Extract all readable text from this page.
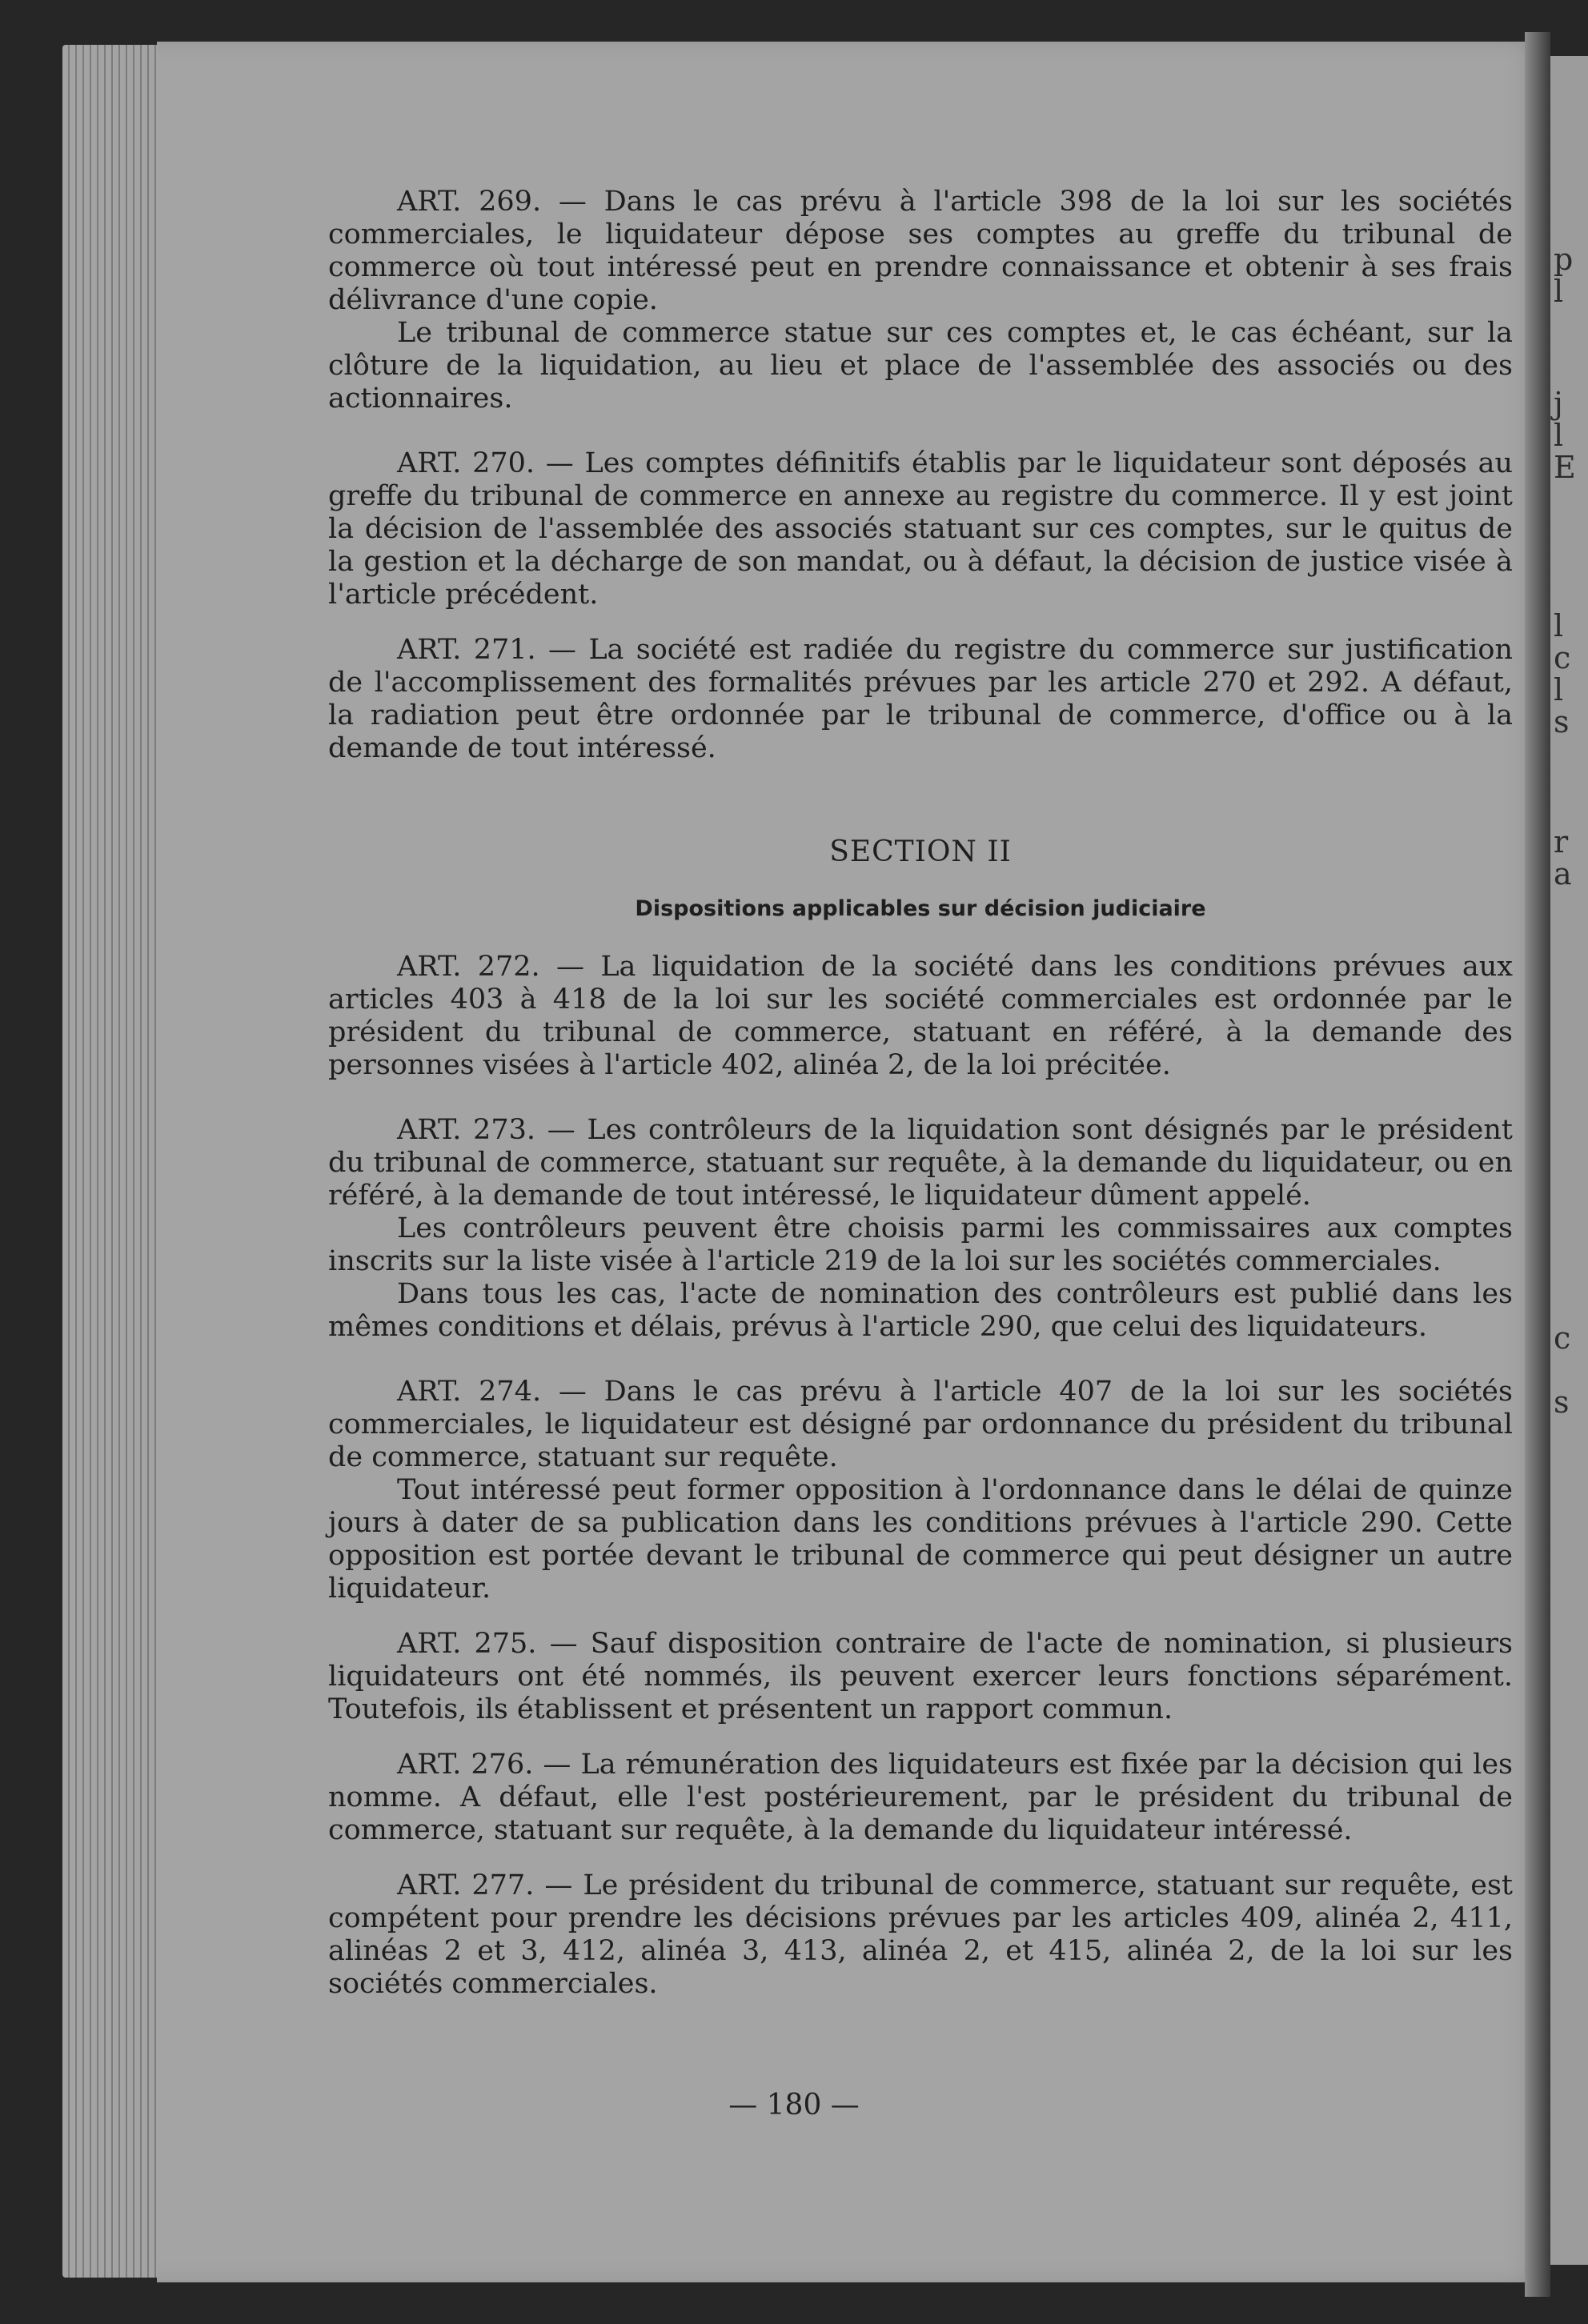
p
l
j
l
E
l
c
l
s
r
a
c
s

ART. 269. — Dans le cas prévu à l'article 398 de la loi sur les sociétés commerciales, le liquidateur dépose ses comptes au greffe du tribunal de commerce où tout intéressé peut en prendre connaissance et obtenir à ses frais délivrance d'une copie.

Le tribunal de commerce statue sur ces comptes et, le cas échéant, sur la clôture de la liquidation, au lieu et place de l'assemblée des associés ou des actionnaires.

ART. 270. — Les comptes définitifs établis par le liquidateur sont déposés au greffe du tribunal de commerce en annexe au registre du commerce. Il y est joint la décision de l'assemblée des associés statuant sur ces comptes, sur le quitus de la gestion et la décharge de son mandat, ou à défaut, la décision de justice visée à l'article précédent.

ART. 271. — La société est radiée du registre du commerce sur justification de l'accomplissement des formalités prévues par les article 270 et 292. A défaut, la radiation peut être ordonnée par le tribunal de commerce, d'office ou à la demande de tout intéressé.

SECTION II
Dispositions applicables sur décision judiciaire

ART. 272. — La liquidation de la société dans les conditions prévues aux articles 403 à 418 de la loi sur les société commerciales est ordonnée par le président du tribunal de commerce, statuant en référé, à la demande des personnes visées à l'article 402, alinéa 2, de la loi précitée.

ART. 273. — Les contrôleurs de la liquidation sont désignés par le président du tribunal de commerce, statuant sur requête, à la demande du liquidateur, ou en référé, à la demande de tout intéressé, le liquidateur dûment appelé.

Les contrôleurs peuvent être choisis parmi les commissaires aux comptes inscrits sur la liste visée à l'article 219 de la loi sur les sociétés commerciales.

Dans tous les cas, l'acte de nomination des contrôleurs est publié dans les mêmes conditions et délais, prévus à l'article 290, que celui des liquidateurs.

ART. 274. — Dans le cas prévu à l'article 407 de la loi sur les sociétés commerciales, le liquidateur est désigné par ordonnance du président du tribunal de commerce, statuant sur requête.

Tout intéressé peut former opposition à l'ordonnance dans le délai de quinze jours à dater de sa publication dans les conditions prévues à l'article 290. Cette opposition est portée devant le tribunal de commerce qui peut désigner un autre liquidateur.

ART. 275. — Sauf disposition contraire de l'acte de nomination, si plusieurs liquidateurs ont été nommés, ils peuvent exercer leurs fonctions séparément. Toutefois, ils établissent et présentent un rapport commun.

ART. 276. — La rémunération des liquidateurs est fixée par la décision qui les nomme. A défaut, elle l'est postérieurement, par le président du tribunal de commerce, statuant sur requête, à la demande du liquidateur intéressé.

ART. 277. — Le président du tribunal de commerce, statuant sur requête, est compétent pour prendre les décisions prévues par les articles 409, alinéa 2, 411, alinéas 2 et 3, 412, alinéa 3, 413, alinéa 2, et 415, alinéa 2, de la loi sur les sociétés commerciales.

— 180 —
